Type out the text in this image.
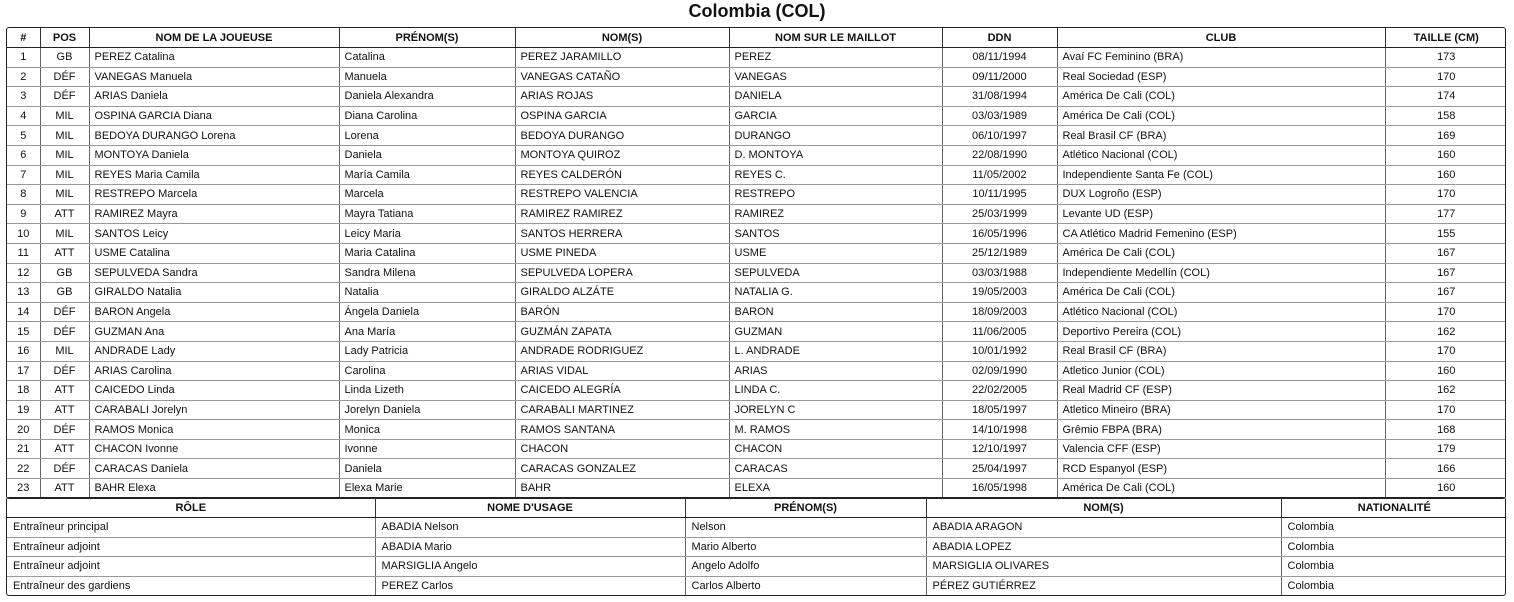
Colombia (COL)
#	POS	NOM DE LA JOUEUSE	PRÉNOM(S)	NOM(S)	NOM SUR LE MAILLOT	DDN	CLUB	TAILLE (CM)
1	GB	PEREZ Catalina	Catalina	PEREZ JARAMILLO	PEREZ	08/11/1994	Avaí FC Feminino (BRA)	173
2	DÉF	VANEGAS Manuela	Manuela	VANEGAS CATAÑO	VANEGAS	09/11/2000	Real Sociedad (ESP)	170
3	DÉF	ARIAS Daniela	Daniela Alexandra	ARIAS ROJAS	DANIELA	31/08/1994	América De Cali (COL)	174
4	MIL	OSPINA GARCIA Diana	Diana Carolina	OSPINA GARCIA	GARCIA	03/03/1989	América De Cali (COL)	158
5	MIL	BEDOYA DURANGO Lorena	Lorena	BEDOYA DURANGO	DURANGO	06/10/1997	Real Brasil CF (BRA)	169
6	MIL	MONTOYA Daniela	Daniela	MONTOYA QUIROZ	D. MONTOYA	22/08/1990	Atlético Nacional (COL)	160
7	MIL	REYES Maria Camila	María Camila	REYES CALDERÓN	REYES C.	11/05/2002	Independiente Santa Fe (COL)	160
8	MIL	RESTREPO Marcela	Marcela	RESTREPO VALENCIA	RESTREPO	10/11/1995	DUX Logroño (ESP)	170
9	ATT	RAMIREZ Mayra	Mayra Tatiana	RAMIREZ RAMIREZ	RAMIREZ	25/03/1999	Levante UD (ESP)	177
10	MIL	SANTOS Leicy	Leicy Maria	SANTOS HERRERA	SANTOS	16/05/1996	CA Atlético Madrid Femenino (ESP)	155
11	ATT	USME Catalina	Maria Catalina	USME PINEDA	USME	25/12/1989	América De Cali (COL)	167
12	GB	SEPULVEDA Sandra	Sandra Milena	SEPULVEDA LOPERA	SEPULVEDA	03/03/1988	Independiente Medellín (COL)	167
13	GB	GIRALDO Natalia	Natalia	GIRALDO ALZÁTE	NATALIA G.	19/05/2003	América De Cali (COL)	167
14	DÉF	BARON Angela	Ángela Daniela	BARÓN	BARON	18/09/2003	Atlético Nacional (COL)	170
15	DÉF	GUZMAN Ana	Ana María	GUZMÁN ZAPATA	GUZMAN	11/06/2005	Deportivo Pereira (COL)	162
16	MIL	ANDRADE Lady	Lady Patricia	ANDRADE RODRIGUEZ	L. ANDRADE	10/01/1992	Real Brasil CF (BRA)	170
17	DÉF	ARIAS Carolina	Carolina	ARIAS VIDAL	ARIAS	02/09/1990	Atletico Junior (COL)	160
18	ATT	CAICEDO Linda	Linda Lizeth	CAICEDO ALEGRÍA	LINDA C.	22/02/2005	Real Madrid CF (ESP)	162
19	ATT	CARABALI Jorelyn	Jorelyn Daniela	CARABALI MARTINEZ	JORELYN C	18/05/1997	Atletico Mineiro (BRA)	170
20	DÉF	RAMOS Monica	Monica	RAMOS SANTANA	M. RAMOS	14/10/1998	Grêmio FBPA (BRA)	168
21	ATT	CHACON Ivonne	Ivonne	CHACON	CHACON	12/10/1997	Valencia CFF (ESP)	179
22	DÉF	CARACAS Daniela	Daniela	CARACAS GONZALEZ	CARACAS	25/04/1997	RCD Espanyol (ESP)	166
23	ATT	BAHR Elexa	Elexa Marie	BAHR	ELEXA	16/05/1998	América De Cali (COL)	160
RÔLE	NOME D'USAGE	PRÉNOM(S)	NOM(S)	NATIONALITÉ
Entraîneur principal	ABADIA Nelson	Nelson	ABADIA ARAGON	Colombia
Entraîneur adjoint	ABADIA Mario	Mario Alberto	ABADIA LOPEZ	Colombia
Entraîneur adjoint	MARSIGLIA Angelo	Angelo Adolfo	MARSIGLIA OLIVARES	Colombia
Entraîneur des gardiens	PEREZ Carlos	Carlos Alberto	PÉREZ GUTIÉRREZ	Colombia
